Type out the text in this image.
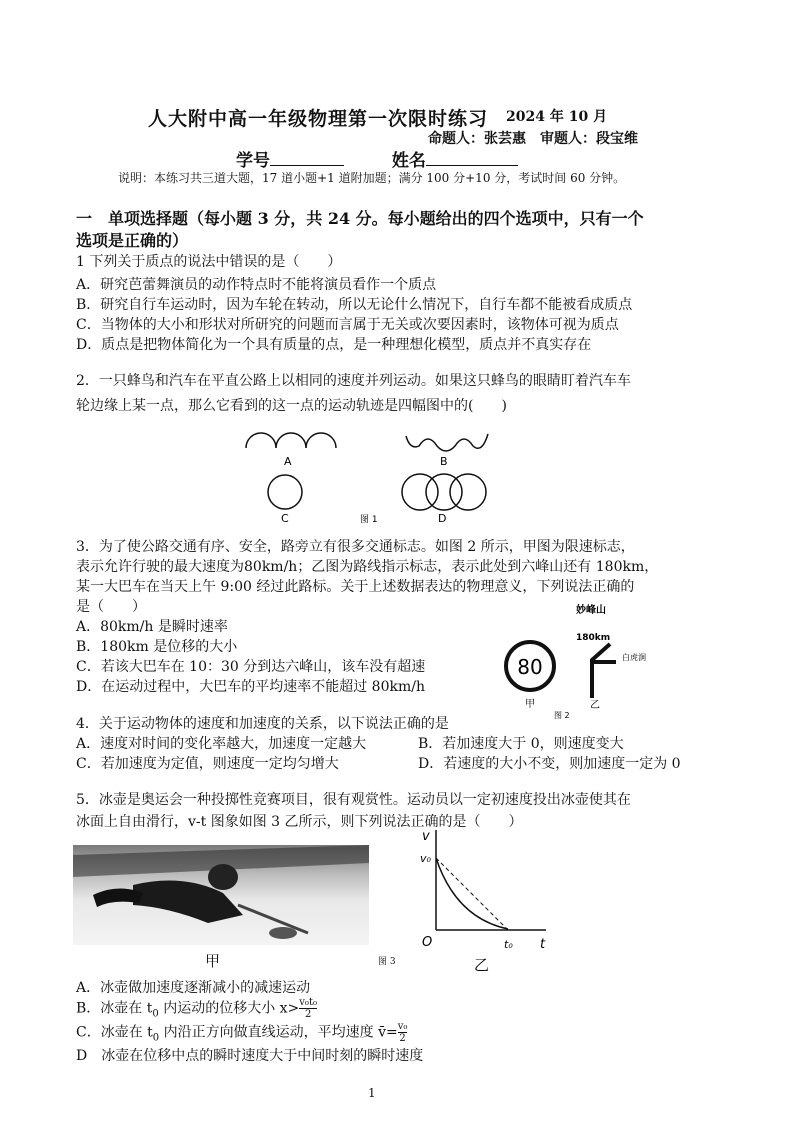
人大附中高一年级物理第一次限时练习 2024 年 10 月
命题人：张芸惠　审题人：段宝维
学号	姓名
说明：本练习共三道大题，17 道小题+1 道附加题；满分 100 分+10 分，考试时间 60 分钟。
一　单项选择题（每小题 3 分，共 24 分。每小题给出的四个选项中，只有一个
选项是正确的）
1 下列关于质点的说法中错误的是（　　）
A．研究芭蕾舞演员的动作特点时不能将演员看作一个质点
B．研究自行车运动时，因为车轮在转动，所以无论什么情况下，自行车都不能被看成质点
C．当物体的大小和形状对所研究的问题而言属于无关或次要因素时，该物体可视为质点
D．质点是把物体简化为一个具有质量的点，是一种理想化模型，质点并不真实存在
2．一只蜂鸟和汽车在平直公路上以相同的速度并列运动。如果这只蜂鸟的眼睛盯着汽车车
轮边缘上某一点，那么它看到的这一点的运动轨迹是四幅图中的(　　)
A	B
C	D
图 1
3．为了使公路交通有序、安全，路旁立有很多交通标志。如图 2 所示，甲图为限速标志，
表示允许行驶的最大速度为80km/h；乙图为路线指示标志，表示此处到六峰山还有 180km，
某一大巴车在当天上午 9:00 经过此路标。关于上述数据表达的物理意义，下列说法正确的
是（　　）
A．80km/h 是瞬时速率
B．180km 是位移的大小
C．若该大巴车在 10：30 分到达六峰山，该车没有超速
D．在运动过程中，大巴车的平均速率不能超过 80km/h
80
甲
妙峰山
180km
白虎涧
乙
图 2
4．关于运动物体的速度和加速度的关系，以下说法正确的是
A．速度对时间的变化率越大，加速度一定越大	B．若加速度大于 0，则速度变大
C．若加速度为定值，则速度一定均匀增大	D．若速度的大小不变，则加速度一定为 0
5．冰壶是奥运会一种投掷性竞赛项目，很有观赏性。运动员以一定初速度投出冰壶使其在
冰面上自由滑行，v-t 图象如图 3 乙所示，则下列说法正确的是（　　）
甲
v
t
v₀
O	t₀
乙
图 3
A．冰壶做加速度逐渐减小的减速运动
B．冰壶在 $t_0$ 内运动的位移大小 $x> \frac{\text{v₀t₀}}{2}$
C．冰壶在 $t_0$ 内沿正方向做直线运动，平均速度 v̄= $\frac{\text{v₀}}{2}$
D　冰壶在位移中点的瞬时速度大于中间时刻的瞬时速度
1
